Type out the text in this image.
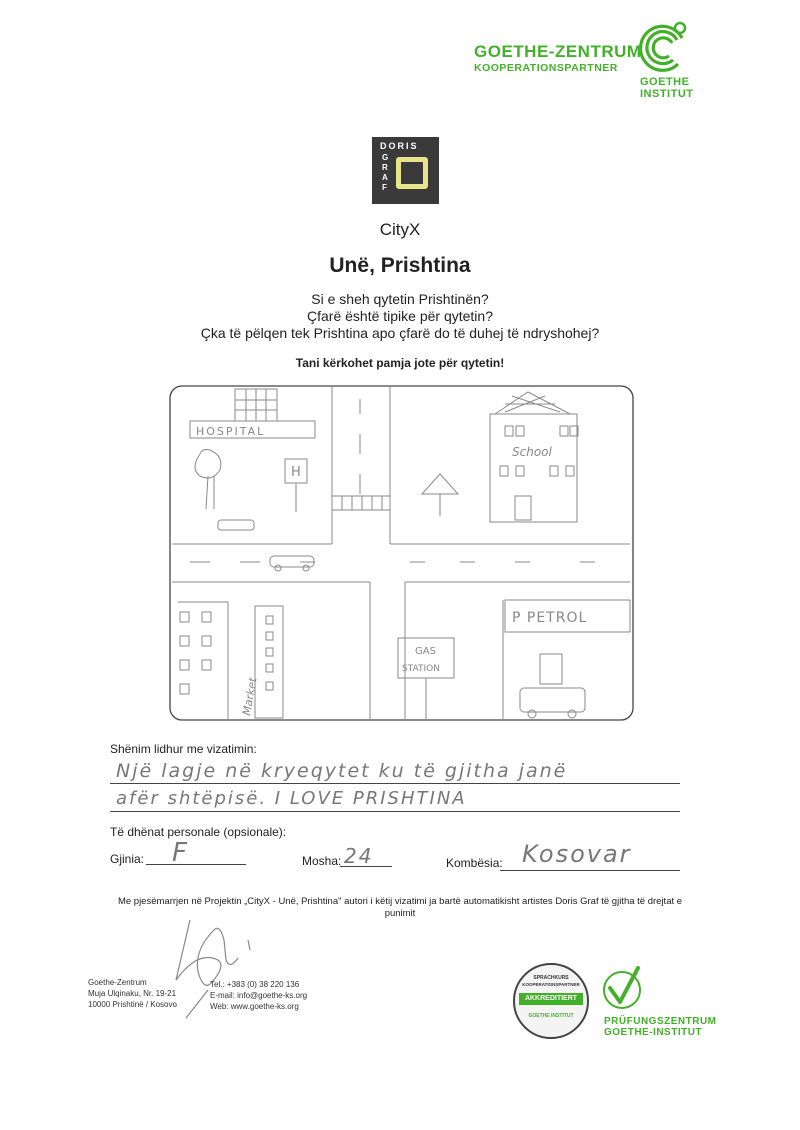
GOETHE-ZENTRUM
KOOPERATIONSPARTNER
GOETHE
INSTITUT
DORIS
G
R
A
F
CityX
Unë, Prishtina
Si e sheh qytetin Prishtinën?
Çfarë është tipike për qytetin?
Çka të pëlqen tek Prishtina apo çfarë do të duhej të ndryshohej?
Tani kërkohet pamja jote për qytetin!
HOSPITAL
H
School
P PETROL
GAS
STATION
Market
Shënim lidhur me vizatimin:
Një lagje në kryeqytet ku të gjitha janë
afër shtëpisë. I LOVE PRISHTINA
Të dhënat personale (opsionale):
Gjinia: F	Mosha: 24	Kombësia: Kosovar
Me pjesëmarrjen në Projektin „CityX - Unë, Prishtina" autori i këtij vizatimi ja bartë automatikisht artistes Doris Graf të gjitha të drejtat e punimit
Goethe-Zentrum
Muja Ulqinaku, Nr. 19-21
10000 Prishtinë / Kosovo
Tel.: +383 (0) 38 220 136
E-mail: info@goethe-ks.org
Web: www.goethe-ks.org
SPRACHKURS
KOOPERATIONSPARTNER
AKKREDITIERT
GOETHE INSTITUT	PRÜFUNGSZENTRUM
GOETHE-INSTITUT
